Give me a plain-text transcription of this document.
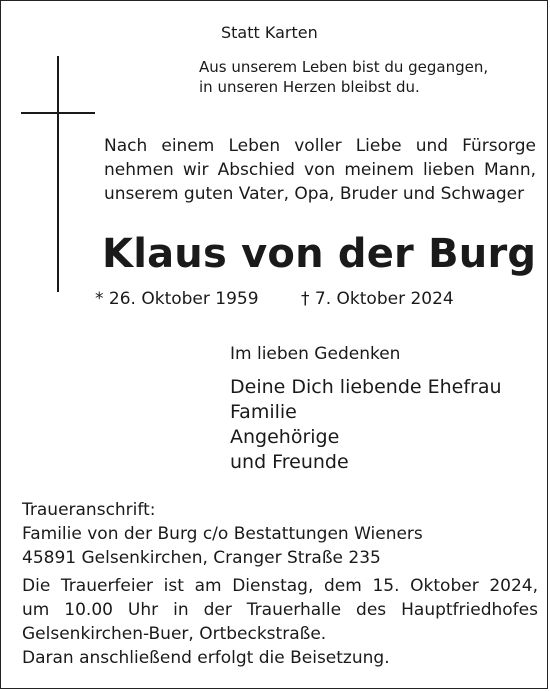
Statt Karten
Aus unserem Leben bist du gegangen,
in unseren Herzen bleibst du.
Nach einem Leben voller Liebe und Fürsorge
nehmen wir Abschied von meinem lieben Mann,
unserem guten Vater, Opa, Bruder und Schwager
Klaus von der Burg
* 26. Oktober 1959 † 7. Oktober 2024
Im lieben Gedenken
Deine Dich liebende Ehefrau
Familie
Angehörige
und Freunde
Traueranschrift:
Familie von der Burg c/o Bestattungen Wieners
45891 Gelsenkirchen, Cranger Straße 235
Die Trauerfeier ist am Dienstag, dem 15. Oktober 2024,
um 10.00 Uhr in der Trauerhalle des Hauptfriedhofes
Gelsenkirchen-Buer, Ortbeckstraße.
Daran anschließend erfolgt die Beisetzung.
